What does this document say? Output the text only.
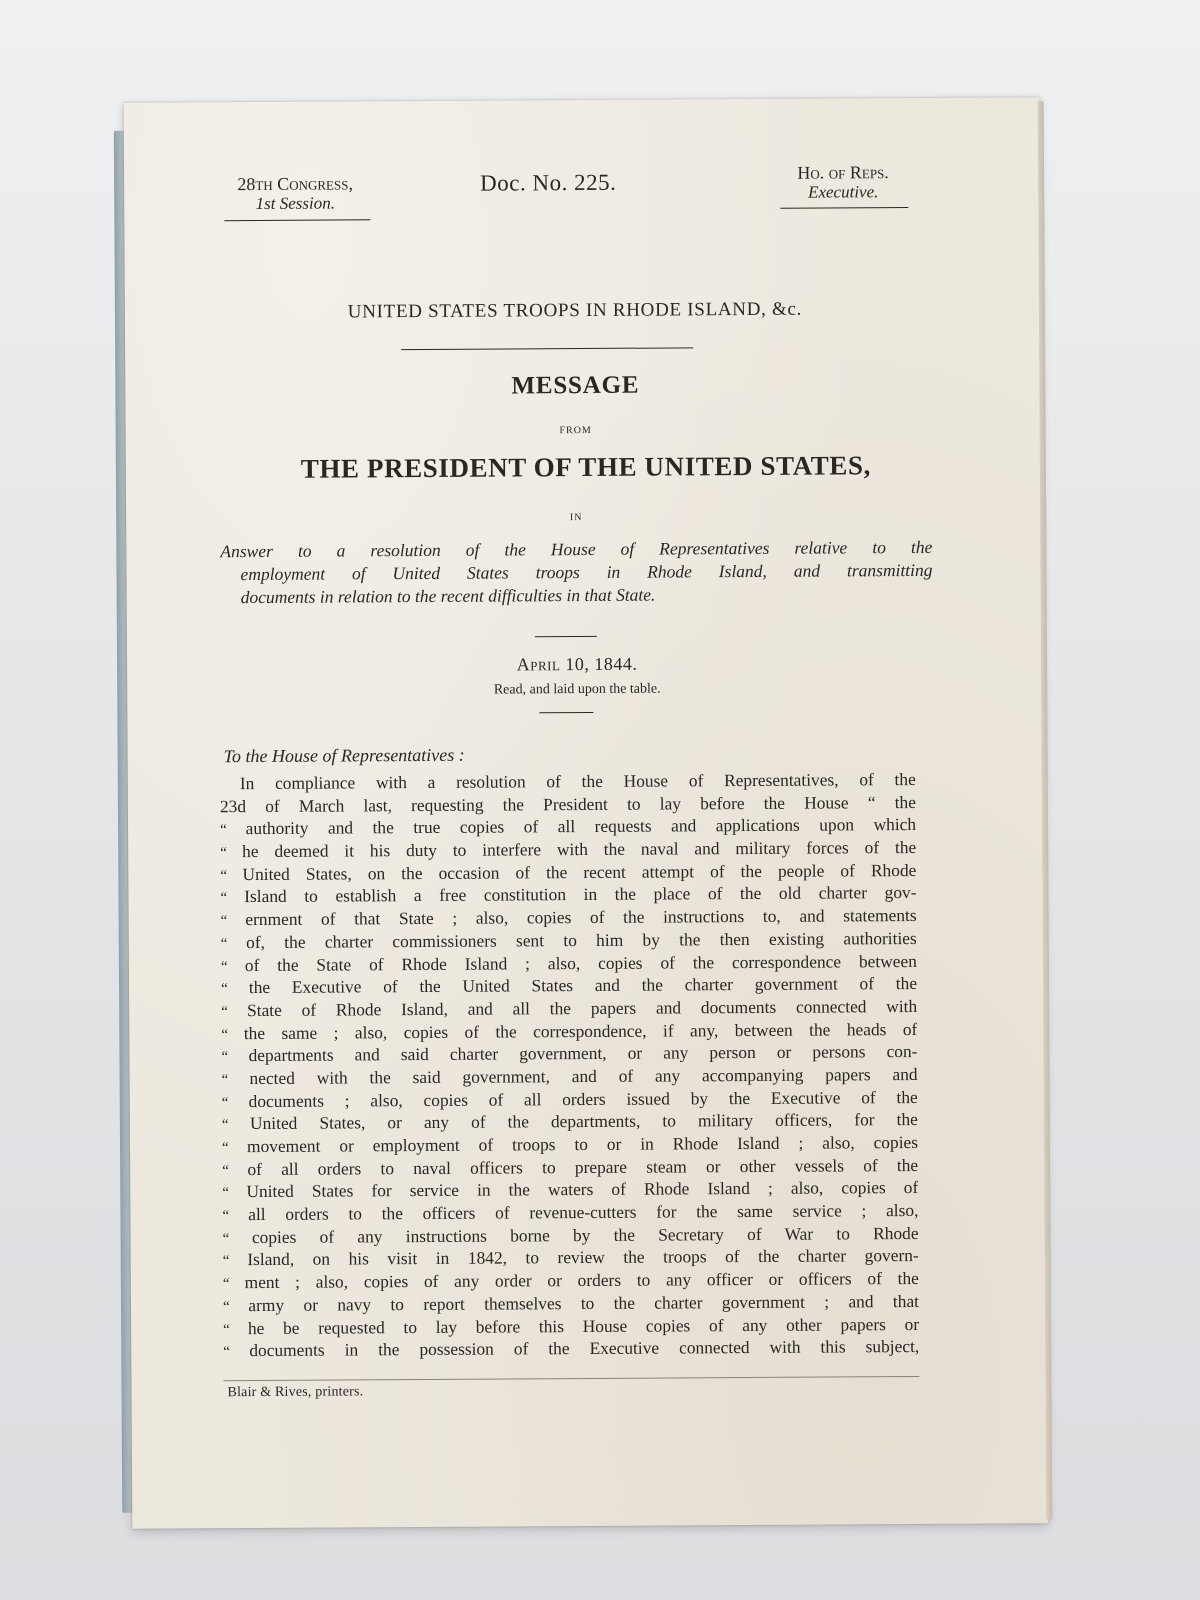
28th Congress,
1st Session.
Doc. No. 225.	Ho. of Reps.
Executive.
UNITED STATES TROOPS IN RHODE ISLAND, &c.
MESSAGE
FROM
THE PRESIDENT OF THE UNITED STATES,
IN
Answer to a resolution of the House of Representatives relative to the
employment of United States troops in Rhode Island, and transmitting
documents in relation to the recent difficulties in that State.
April 10, 1844.
Read, and laid upon the table.
To the House of Representatives :
In compliance with a resolution of the House of Representatives, of the
23d of March last, requesting the President to lay before the House “ the
“ authority and the true copies of all requests and applications upon which
“ he deemed it his duty to interfere with the naval and military forces of the
“ United States, on the occasion of the recent attempt of the people of Rhode
“ Island to establish a free constitution in the place of the old charter gov-
“ ernment of that State ; also, copies of the instructions to, and statements
“ of, the charter commissioners sent to him by the then existing authorities
“ of the State of Rhode Island ; also, copies of the correspondence between
“ the Executive of the United States and the charter government of the
“ State of Rhode Island, and all the papers and documents connected with
“ the same ; also, copies of the correspondence, if any, between the heads of
“ departments and said charter government, or any person or persons con-
“ nected with the said government, and of any accompanying papers and
“ documents ; also, copies of all orders issued by the Executive of the
“ United States, or any of the departments, to military officers, for the
“ movement or employment of troops to or in Rhode Island ; also, copies
“ of all orders to naval officers to prepare steam or other vessels of the
“ United States for service in the waters of Rhode Island ; also, copies of
“ all orders to the officers of revenue-cutters for the same service ; also,
“ copies of any instructions borne by the Secretary of War to Rhode
“ Island, on his visit in 1842, to review the troops of the charter govern-
“ ment ; also, copies of any order or orders to any officer or officers of the
“ army or navy to report themselves to the charter government ; and that
“ he be requested to lay before this House copies of any other papers or
“ documents in the possession of the Executive connected with this subject,
Blair & Rives, printers.
